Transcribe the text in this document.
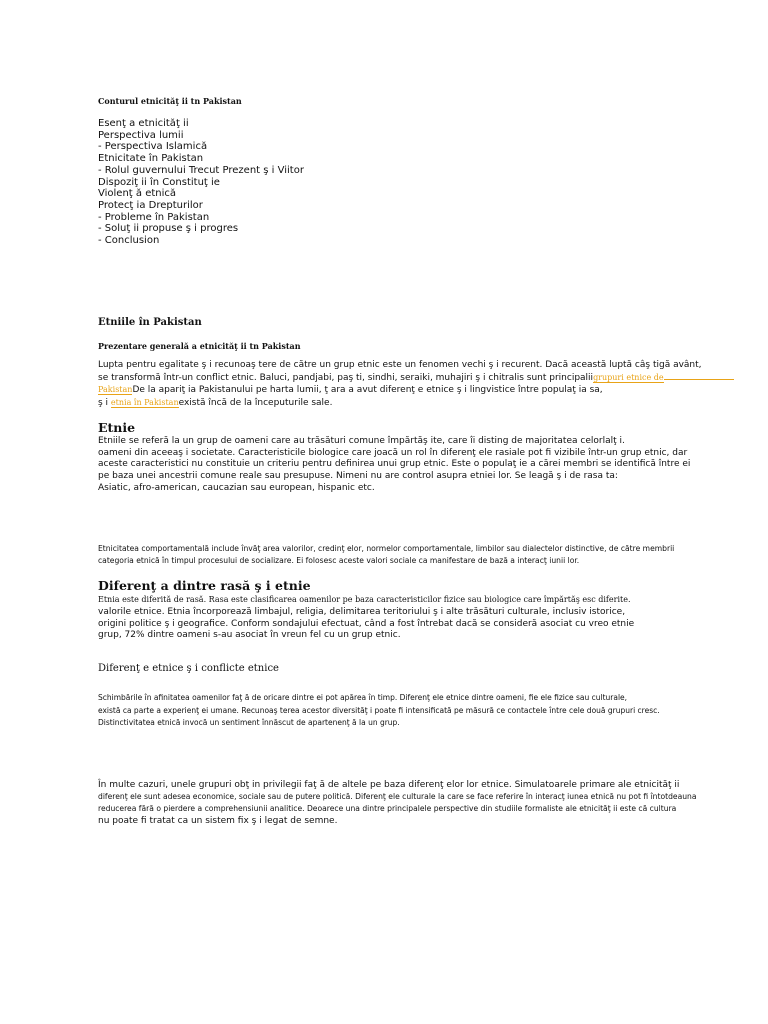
Conturul etnicităţ ii tn Pakistan
Esenţ a etnicităţ ii
Perspectiva lumii
- Perspectiva Islamică
Etnicitate în Pakistan
- Rolul guvernului Trecut Prezent ş i Viitor
Dispoziţ ii în Constituţ ie
Violenţ ă etnică
Protecţ ia Drepturilor
- Probleme în Pakistan
- Soluţ ii propuse ş i progres
- Conclusion
Etniile în Pakistan
Prezentare generală a etnicităţ ii tn Pakistan
Lupta pentru egalitate ş i recunoaş tere de către un grup etnic este un fenomen vechi ş i recurent. Dacă această luptă câş tigă avânt,
se transformă într-un conflict etnic. Baluci, pandjabi, paş ti, sindhi, seraiki, muhajiri ş i chitralis sunt principaliigrupuri etnice de
PakistanDe la apariţ ia Pakistanului pe harta lumii, ţ ara a avut diferenţ e etnice ş i lingvistice între populaţ ia sa,
ş i etnia în Pakistanexistă încă de la începuturile sale.
Etnie
Etniile se referă la un grup de oameni care au trăsături comune împărtăş ite, care îi disting de majoritatea celorlalţ i.
oameni din aceeaş i societate. Caracteristicile biologice care joacă un rol în diferenţ ele rasiale pot fi vizibile într-un grup etnic, dar
aceste caracteristici nu constituie un criteriu pentru definirea unui grup etnic. Este o populaţ ie a cărei membri se identifică între ei
pe baza unei ancestrii comune reale sau presupuse. Nimeni nu are control asupra etniei lor. Se leagă ş i de rasa ta:
Asiatic, afro-american, caucazian sau european, hispanic etc.
Etnicitatea comportamentală include învăţ area valorilor, credinţ elor, normelor comportamentale, limbilor sau dialectelor distinctive, de către membrii
categoria etnică în timpul procesului de socializare. Ei folosesc aceste valori sociale ca manifestare de bază a interacţ iunii lor.
Diferenţ a dintre rasă ş i etnie
Etnia este diferită de rasă. Rasa este clasificarea oamenilor pe baza caracteristicilor fizice sau biologice care împărtăş esc diferite.
valorile etnice. Etnia încorporează limbajul, religia, delimitarea teritoriului ş i alte trăsături culturale, inclusiv istorice,
origini politice ş i geografice. Conform sondajului efectuat, când a fost întrebat dacă se consideră asociat cu vreo etnie
grup, 72% dintre oameni s-au asociat în vreun fel cu un grup etnic.
Diferenţ e etnice ş i conflicte etnice
Schimbările în afinitatea oamenilor faţ ă de oricare dintre ei pot apărea în timp. Diferenţ ele etnice dintre oameni, fie ele fizice sau culturale,
există ca parte a experienţ ei umane. Recunoaş terea acestor diversităţ i poate fi intensificată pe măsură ce contactele între cele două grupuri cresc.
Distinctivitatea etnică invocă un sentiment înnăscut de apartenenţ ă la un grup.
În multe cazuri, unele grupuri obţ in privilegii faţ ă de altele pe baza diferenţ elor lor etnice. Simulatoarele primare ale etnicităţ ii
diferenţ ele sunt adesea economice, sociale sau de putere politică. Diferenţ ele culturale la care se face referire în interacţ iunea etnică nu pot fi întotdeauna
reducerea fără o pierdere a comprehensiunii analitice. Deoarece una dintre principalele perspective din studiile formaliste ale etnicităţ ii este că cultura
nu poate fi tratat ca un sistem fix ş i legat de semne.
